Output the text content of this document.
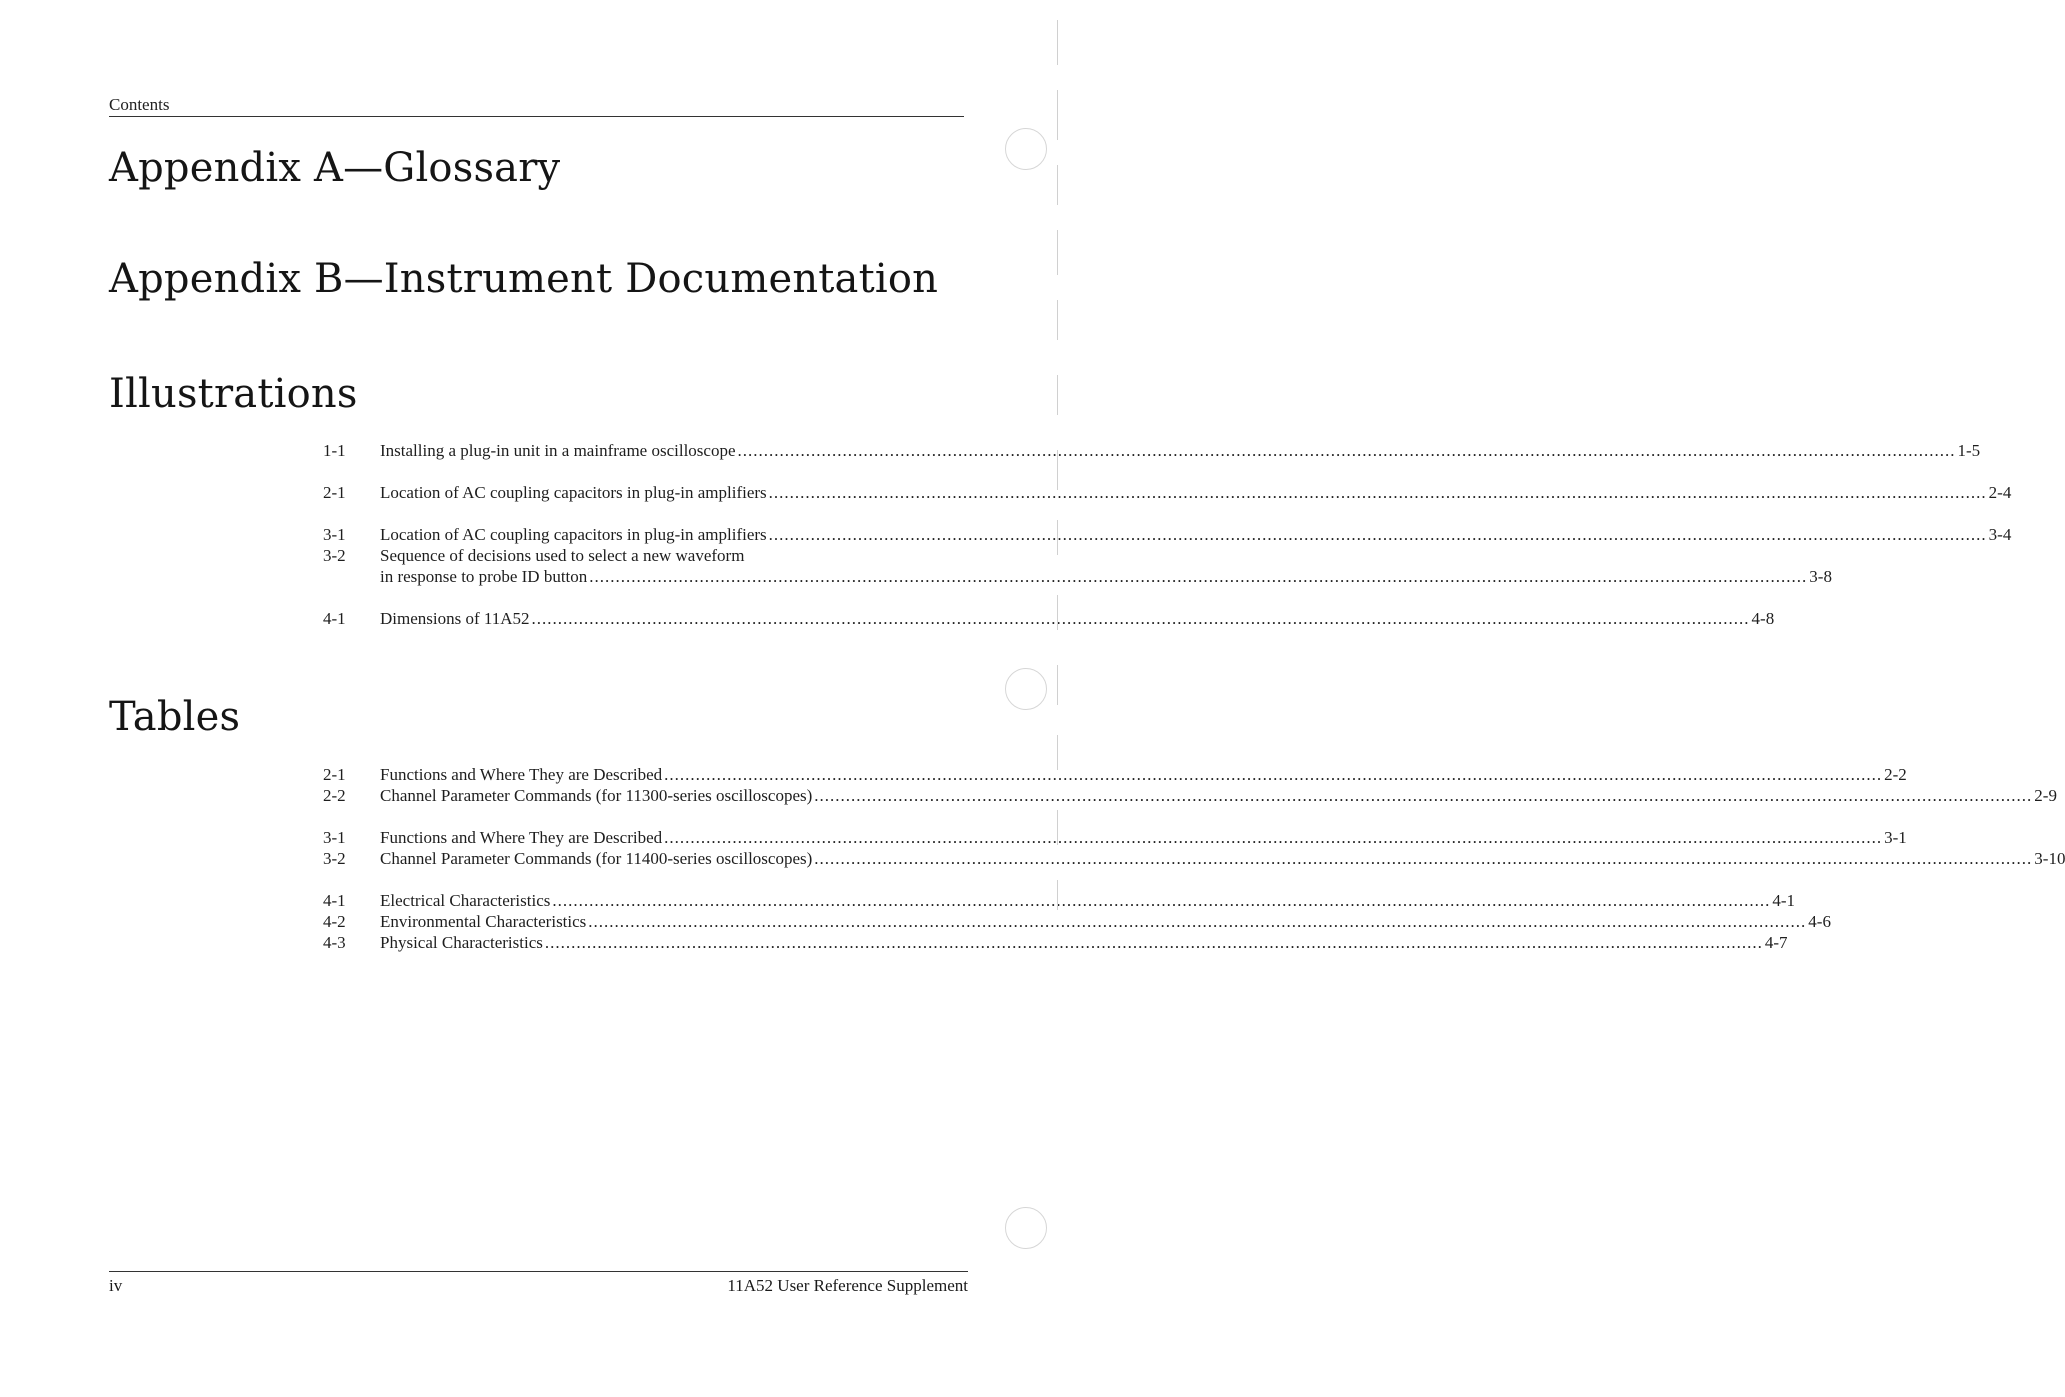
Contents
Appendix A—Glossary
Appendix B—Instrument Documentation
Illustrations
1-1	Installing a plug-in unit in a mainframe oscilloscope .....	1-5
2-1	Location of AC coupling capacitors in plug-in amplifiers .....	2-4
3-1	Location of AC coupling capacitors in plug-in amplifiers .....	3-4
3-2	Sequence of decisions used to select a new waveform
in response to probe ID button .....	3-8
4-1	Dimensions of 11A52 .....	4-8
Tables
2-1	Functions and Where They are Described .....	2-2
2-2	Channel Parameter Commands (for 11300-series oscilloscopes) .....	2-9
3-1	Functions and Where They are Described .....	3-1
3-2	Channel Parameter Commands (for 11400-series oscilloscopes) .....	3-10
4-1	Electrical Characteristics .....	4-1
4-2	Environmental Characteristics .....	4-6
4-3	Physical Characteristics .....	4-7
iv	11A52 User Reference Supplement
